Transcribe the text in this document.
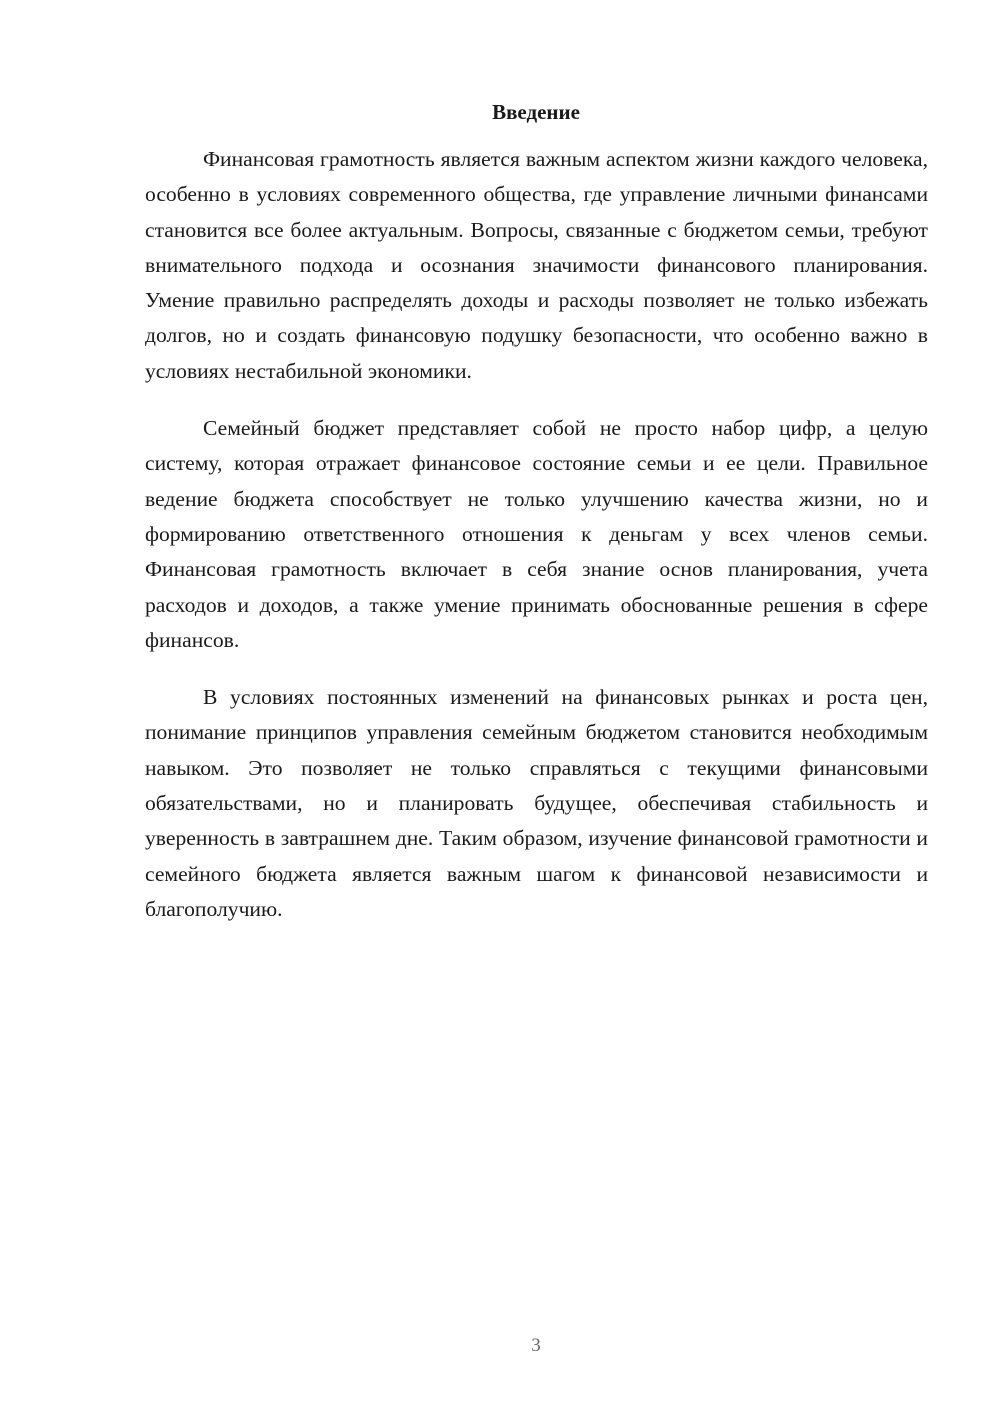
Введение

Финансовая грамотность является важным аспектом жизни каждого человека, особенно в условиях современного общества, где управление личными финансами становится все более актуальным. Вопросы, связанные с бюджетом семьи, требуют внимательного подхода и осознания значимости финансового планирования. Умение правильно распределять доходы и расходы позволяет не только избежать долгов, но и создать финансовую подушку безопасности, что особенно важно в условиях нестабильной экономики.

Семейный бюджет представляет собой не просто набор цифр, а целую систему, которая отражает финансовое состояние семьи и ее цели. Правильное ведение бюджета способствует не только улучшению качества жизни, но и формированию ответственного отношения к деньгам у всех членов семьи. Финансовая грамотность включает в себя знание основ планирования, учета расходов и доходов, а также умение принимать обоснованные решения в сфере финансов.

В условиях постоянных изменений на финансовых рынках и роста цен, понимание принципов управления семейным бюджетом становится необходимым навыком. Это позволяет не только справляться с текущими финансовыми обязательствами, но и планировать будущее, обеспечивая стабильность и уверенность в завтрашнем дне. Таким образом, изучение финансовой грамотности и семейного бюджета является важным шагом к финансовой независимости и благополучию.

3
